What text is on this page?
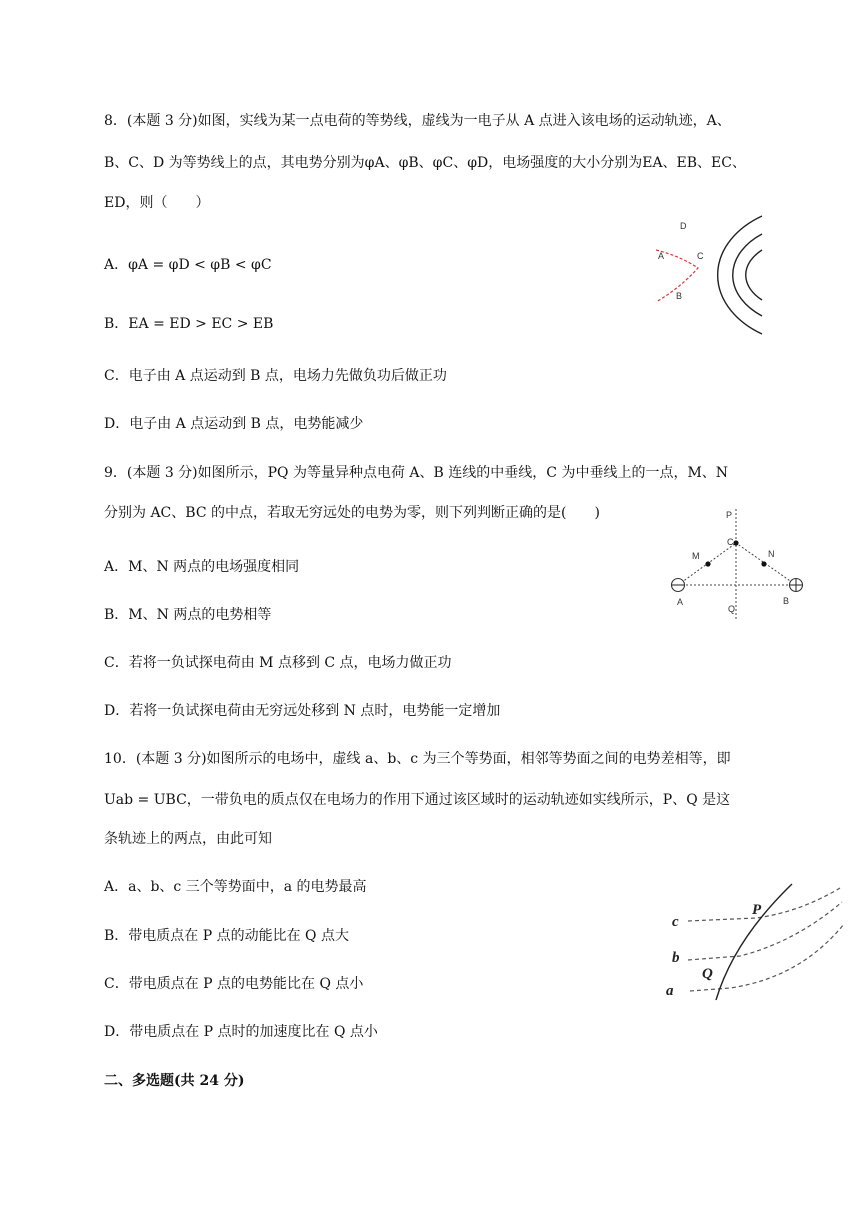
8．(本题 3 分)如图，实线为某一点电荷的等势线，虚线为一电子从 A 点进入该电场的运动轨迹，A、
B、C、D 为等势线上的点，其电势分别为φA、φB、φC、φD，电场强度的大小分别为EA、EB、EC、
ED，则（　　）
A．φA = φD < φB < φC
B．EA = ED > EC > EB
C．电子由 A 点运动到 B 点，电场力先做负功后做正功
D．电子由 A 点运动到 B 点，电势能减少
D
A	C
B
9．(本题 3 分)如图所示，PQ 为等量异种点电荷 A、B 连线的中垂线，C 为中垂线上的一点，M、N
分别为 AC、BC 的中点，若取无穷远处的电势为零，则下列判断正确的是(　　)
A．M、N 两点的电场强度相同
B．M、N 两点的电势相等
C．若将一负试探电荷由 M 点移到 C 点，电场力做正功
D．若将一负试探电荷由无穷远处移到 N 点时，电势能一定增加
P
C
M	N
A
Q
B
10．(本题 3 分)如图所示的电场中，虚线 a、b、c 为三个等势面，相邻等势面之间的电势差相等，即
Uab = UBC，一带负电的质点仅在电场力的作用下通过该区域时的运动轨迹如实线所示，P、Q 是这
条轨迹上的两点，由此可知
A．a、b、c 三个等势面中，a 的电势最高
B．带电质点在 P 点的动能比在 Q 点大
C．带电质点在 P 点的电势能比在 Q 点小
D．带电质点在 P 点时的加速度比在 Q 点小
c
b
a
P
Q
二、多选题(共 24 分)
